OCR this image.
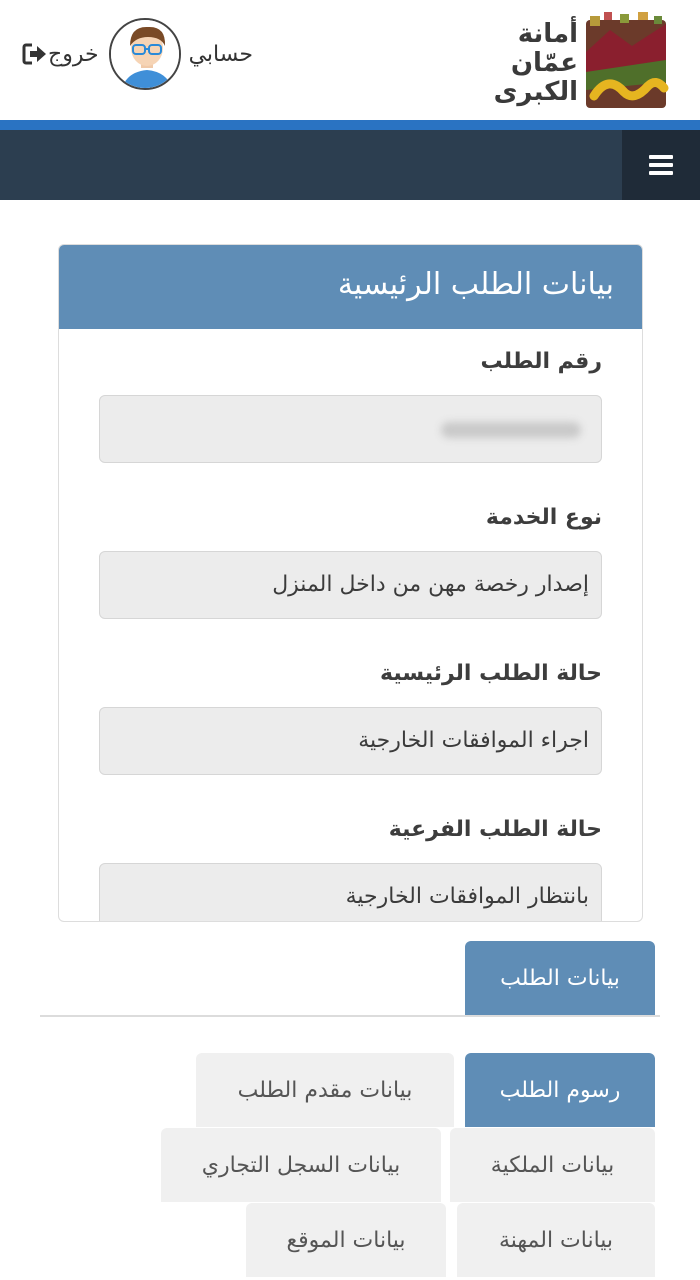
أمانة
عمّان
الكبرى
خروج	حسابي
بيانات الطلب الرئيسية
رقم الطلب
نوع الخدمة
إصدار رخصة مهن من داخل المنزل
حالة الطلب الرئيسية
اجراء الموافقات الخارجية
حالة الطلب الفرعية
بانتظار الموافقات الخارجية
بيانات الطلب
رسوم الطلب
بيانات مقدم الطلب
بيانات الملكية
بيانات السجل التجاري
بيانات المهنة
بيانات الموقع
